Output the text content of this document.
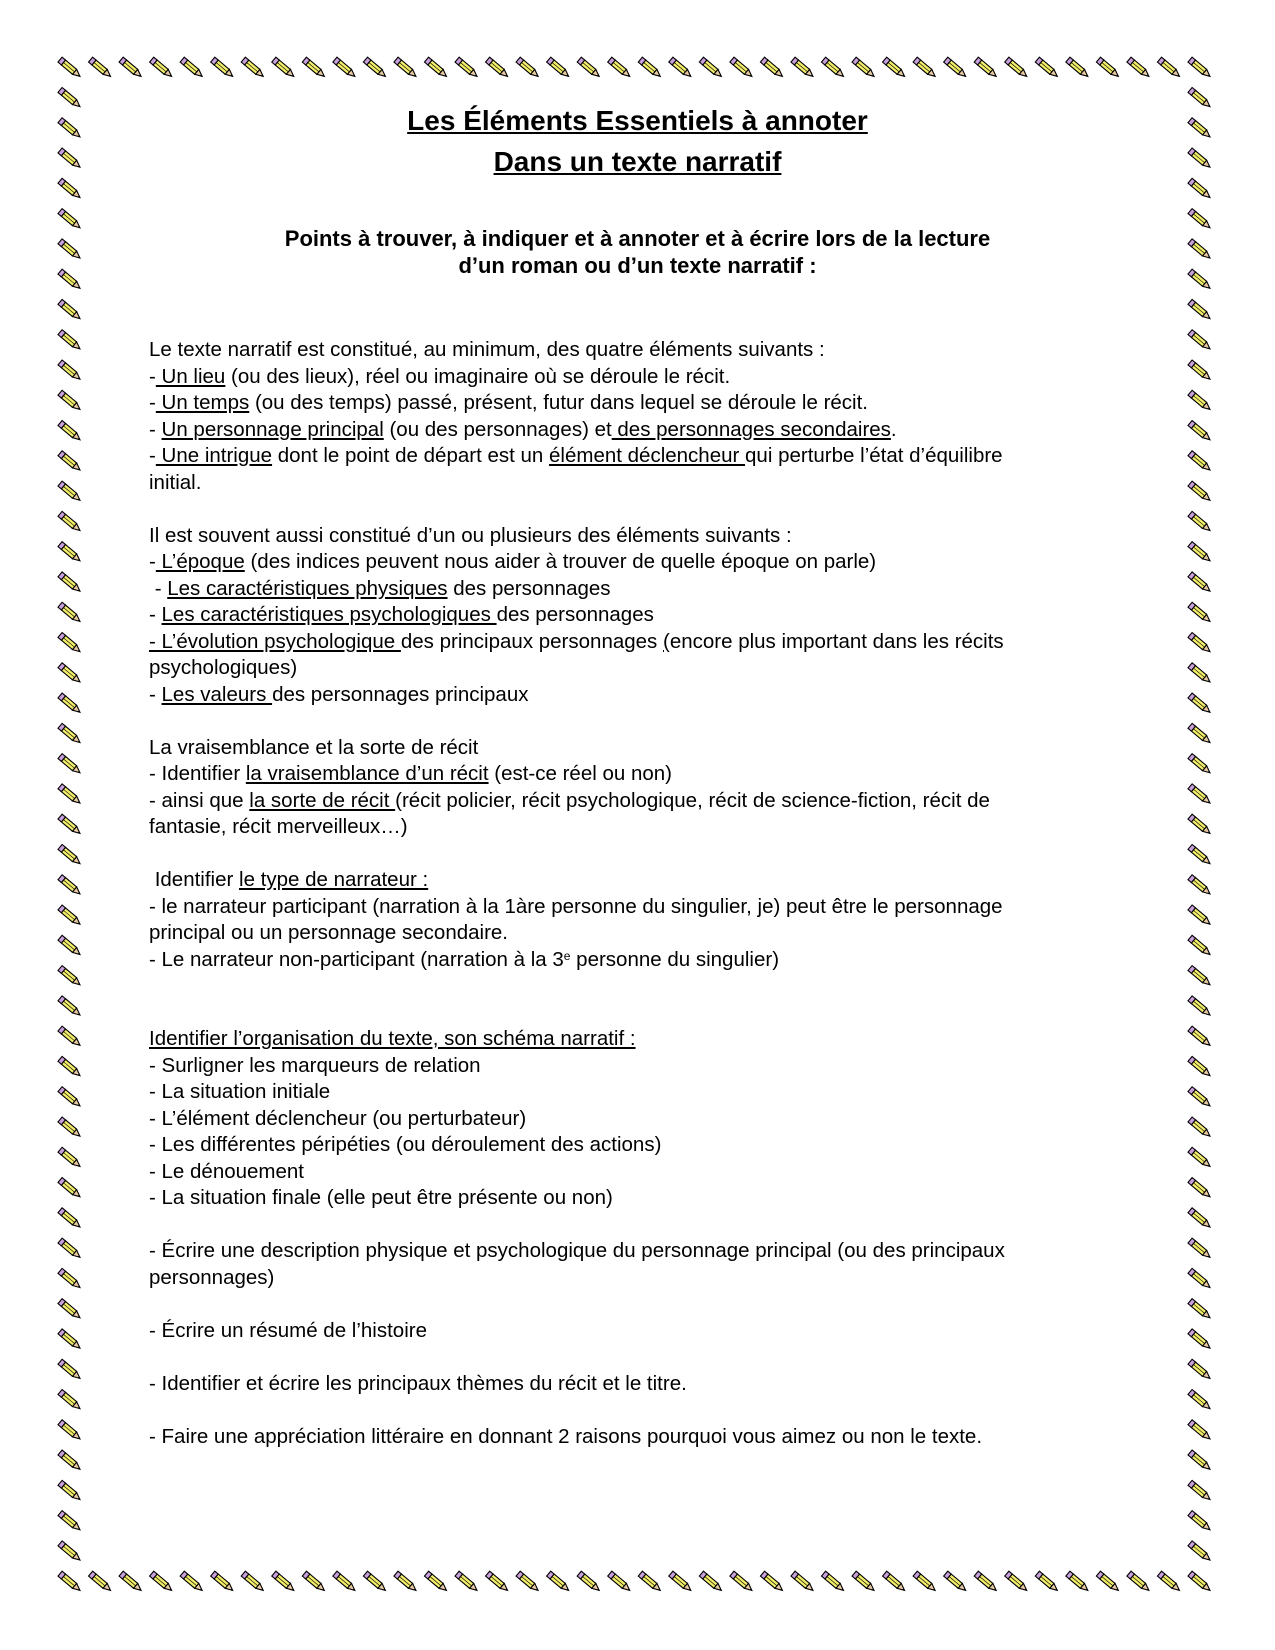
Les Éléments Essentiels à annoter
Dans un texte narratif
Points à trouver, à indiquer et à annoter et à écrire lors de la lecture
d’un roman ou d’un texte narratif :
Le texte narratif est constitué, au minimum, des quatre éléments suivants :
- Un lieu (ou des lieux), réel ou imaginaire où se déroule le récit.
- Un temps (ou des temps) passé, présent, futur dans lequel se déroule le récit.
- Un personnage principal (ou des personnages) et des personnages secondaires.
- Une intrigue dont le point de départ est un élément déclencheur qui perturbe l’état d’équilibre
initial.
Il est souvent aussi constitué d’un ou plusieurs des éléments suivants :
- L’époque (des indices peuvent nous aider à trouver de quelle époque on parle)
- Les caractéristiques physiques des personnages
- Les caractéristiques psychologiques des personnages
- L’évolution psychologique des principaux personnages (encore plus important dans les récits
psychologiques)
- Les valeurs des personnages principaux
La vraisemblance et la sorte de récit
- Identifier la vraisemblance d’un récit (est-ce réel ou non)
- ainsi que la sorte de récit (récit policier, récit psychologique, récit de science-fiction, récit de
fantasie, récit merveilleux…)
Identifier le type de narrateur :
- le narrateur participant (narration à la 1àre personne du singulier, je) peut être le personnage
principal ou un personnage secondaire.
- Le narrateur non-participant (narration à la 3e personne du singulier)
Identifier l’organisation du texte, son schéma narratif :
- Surligner les marqueurs de relation
- La situation initiale
- L’élément déclencheur (ou perturbateur)
- Les différentes péripéties (ou déroulement des actions)
- Le dénouement
- La situation finale (elle peut être présente ou non)
- Écrire une description physique et psychologique du personnage principal (ou des principaux
personnages)
- Écrire un résumé de l’histoire
- Identifier et écrire les principaux thèmes du récit et le titre.
- Faire une appréciation littéraire en donnant 2 raisons pourquoi vous aimez ou non le texte.
